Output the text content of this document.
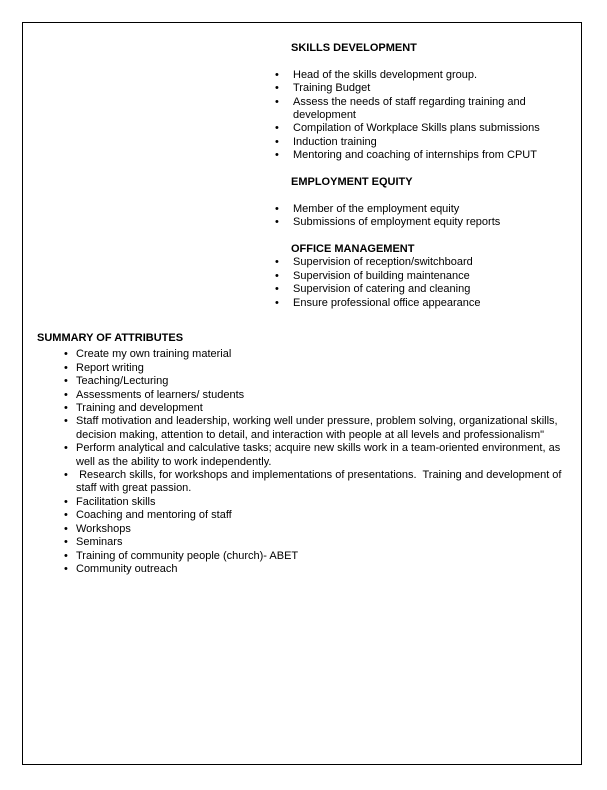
SKILLS DEVELOPMENT
• Head of the skills development group.
• Training Budget
• Assess the needs of staff regarding training and development
• Compilation of Workplace Skills plans submissions
• Induction training
• Mentoring and coaching of internships from CPUT
EMPLOYMENT EQUITY
• Member of the employment equity
• Submissions of employment equity reports
OFFICE MANAGEMENT
• Supervision of reception/switchboard
• Supervision of building maintenance
• Supervision of catering and cleaning
• Ensure professional office appearance
SUMMARY OF ATTRIBUTES
• Create my own training material
• Report writing
• Teaching/Lecturing
• Assessments of learners/ students
• Training and development
• Staff motivation and leadership, working well under pressure, problem solving, organizational skills, decision making, attention to detail, and interaction with people at all levels and professionalism"
• Perform analytical and calculative tasks; acquire new skills work in a team-oriented environment, as well as the ability to work independently.
• Research skills, for workshops and implementations of presentations.  Training and development of staff with great passion.
• Facilitation skills
• Coaching and mentoring of staff
• Workshops
• Seminars
• Training of community people (church)- ABET
• Community outreach
